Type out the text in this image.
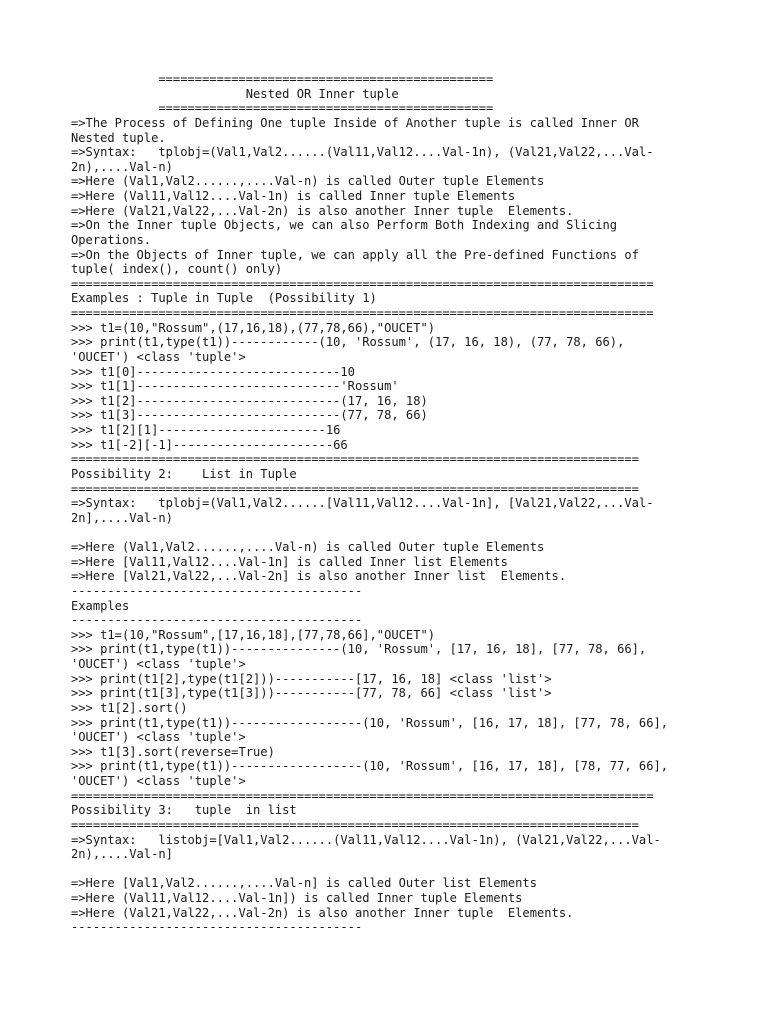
==============================================
Nested OR Inner tuple
==============================================
=>The Process of Defining One tuple Inside of Another tuple is called Inner OR
Nested tuple.
=>Syntax:   tplobj=(Val1,Val2......(Val11,Val12....Val-1n), (Val21,Val22,...Val-
2n),....Val-n)
=>Here (Val1,Val2......,....Val-n) is called Outer tuple Elements
=>Here (Val11,Val12....Val-1n) is called Inner tuple Elements
=>Here (Val21,Val22,...Val-2n) is also another Inner tuple  Elements.
=>On the Inner tuple Objects, we can also Perform Both Indexing and Slicing
Operations.
=>On the Objects of Inner tuple, we can apply all the Pre-defined Functions of
tuple( index(), count() only)
================================================================================
Examples : Tuple in Tuple  (Possibility 1)
================================================================================
>>> t1=(10,"Rossum",(17,16,18),(77,78,66),"OUCET")
>>> print(t1,type(t1))------------(10, 'Rossum', (17, 16, 18), (77, 78, 66),
'OUCET') <class 'tuple'>
>>> t1[0]----------------------------10
>>> t1[1]----------------------------'Rossum'
>>> t1[2]----------------------------(17, 16, 18)
>>> t1[3]----------------------------(77, 78, 66)
>>> t1[2][1]-----------------------16
>>> t1[-2][-1]----------------------66
==============================================================================
Possibility 2:    List in Tuple
==============================================================================
=>Syntax:   tplobj=(Val1,Val2......[Val11,Val12....Val-1n], [Val21,Val22,...Val-
2n],....Val-n)
=>Here (Val1,Val2......,....Val-n) is called Outer tuple Elements
=>Here [Val11,Val12....Val-1n] is called Inner list Elements
=>Here [Val21,Val22,...Val-2n] is also another Inner list  Elements.
----------------------------------------
Examples
----------------------------------------
>>> t1=(10,"Rossum",[17,16,18],[77,78,66],"OUCET")
>>> print(t1,type(t1))---------------(10, 'Rossum', [17, 16, 18], [77, 78, 66],
'OUCET') <class 'tuple'>
>>> print(t1[2],type(t1[2]))-----------[17, 16, 18] <class 'list'>
>>> print(t1[3],type(t1[3]))-----------[77, 78, 66] <class 'list'>
>>> t1[2].sort()
>>> print(t1,type(t1))------------------(10, 'Rossum', [16, 17, 18], [77, 78, 66],
'OUCET') <class 'tuple'>
>>> t1[3].sort(reverse=True)
>>> print(t1,type(t1))------------------(10, 'Rossum', [16, 17, 18], [78, 77, 66],
'OUCET') <class 'tuple'>
================================================================================
Possibility 3:   tuple  in list
==============================================================================
=>Syntax:   listobj=[Val1,Val2......(Val11,Val12....Val-1n), (Val21,Val22,...Val-
2n),....Val-n]
=>Here [Val1,Val2......,....Val-n] is called Outer list Elements
=>Here (Val11,Val12....Val-1n]) is called Inner tuple Elements
=>Here (Val21,Val22,...Val-2n) is also another Inner tuple  Elements.
----------------------------------------
